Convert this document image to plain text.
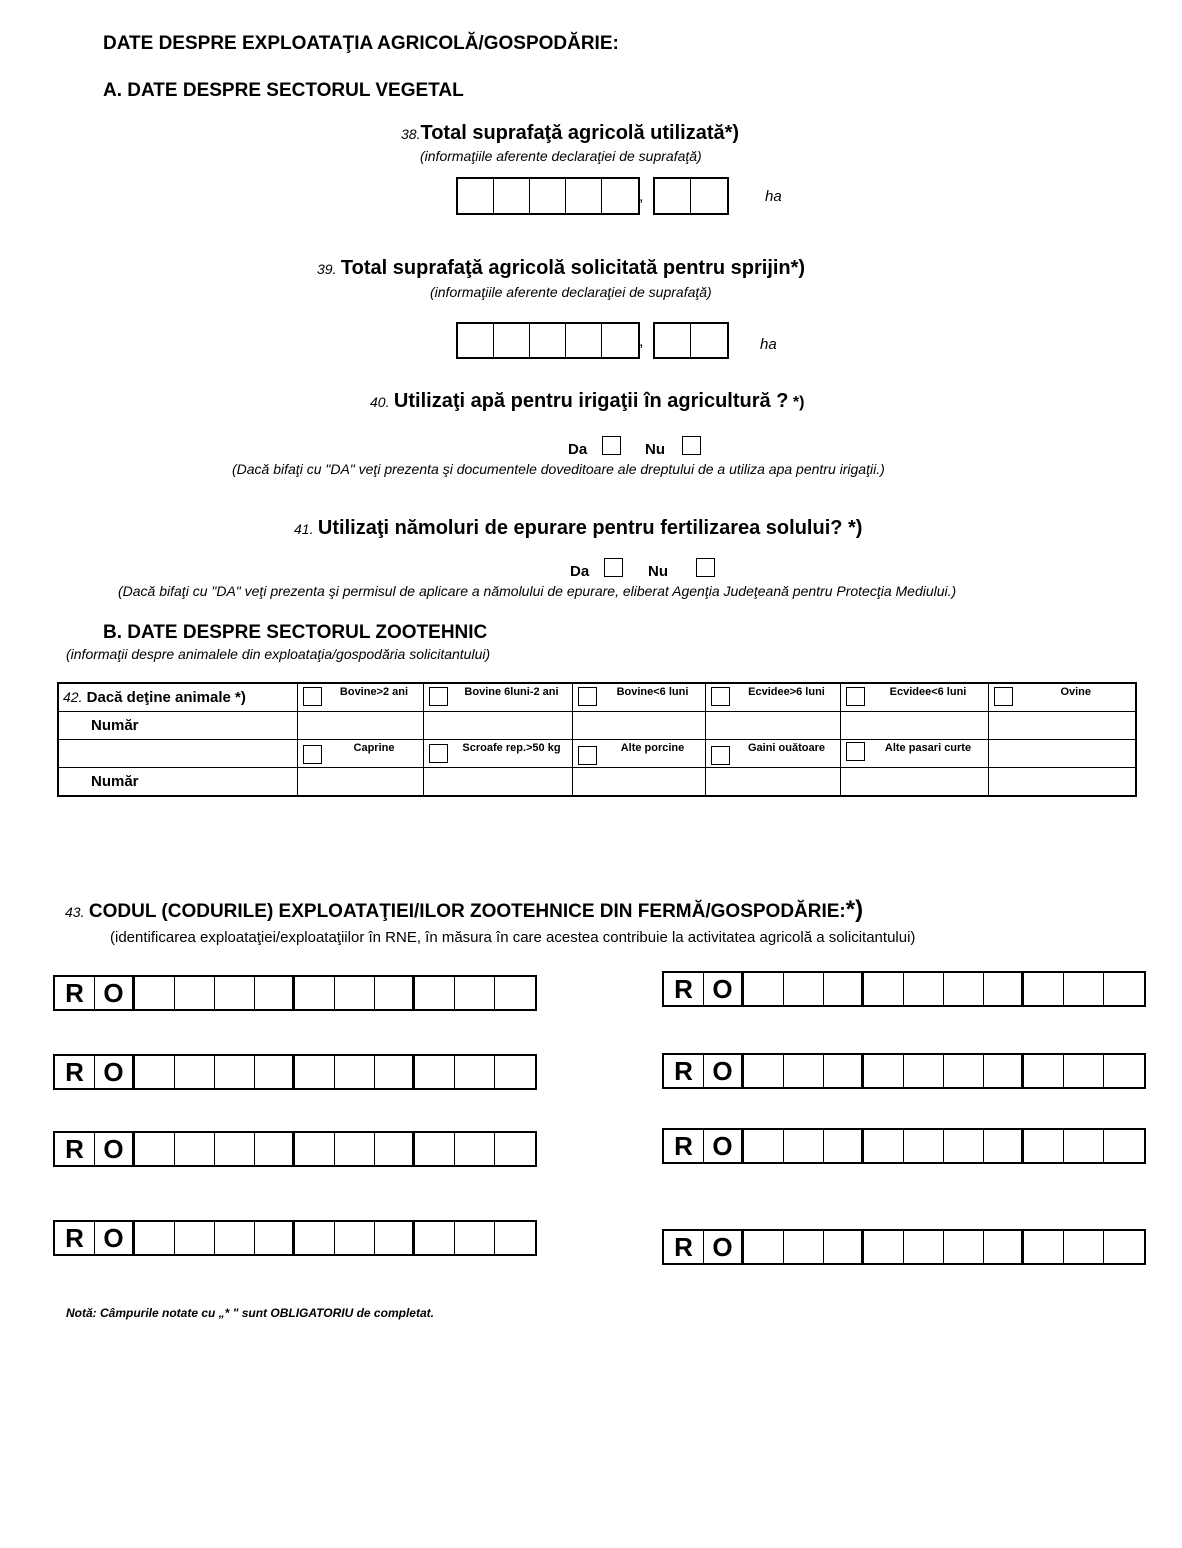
DATE DESPRE EXPLOATAŢIA AGRICOLĂ/GOSPODĂRIE:
A. DATE DESPRE SECTORUL VEGETAL
38.Total suprafaţă agricolă utilizată*)
(informaţiile aferente declaraţiei de suprafaţă)
,	ha
39. Total suprafaţă agricolă solicitată pentru sprijin*)
(informaţiile aferente declaraţiei de suprafaţă)
,	ha
40. Utilizaţi apă pentru irigaţii în agricultură ? *)
Da	Nu
(Dacă bifaţi cu "DA" veţi prezenta şi documentele doveditoare ale dreptului de a utiliza apa pentru irigaţii.)
41. Utilizaţi nămoluri de epurare pentru fertilizarea solului? *)
Da	Nu
(Dacă bifaţi cu "DA" veţi prezenta şi permisul de aplicare a nămolului de epurare, eliberat Agenţia Judeţeană pentru Protecţia Mediului.)
B. DATE DESPRE SECTORUL ZOOTEHNIC
(informaţii despre animalele din exploataţia/gospodăria solicitantului)
42. Dacă deţine animale *)	Bovine>2 ani	Bovine 6luni-2 ani	Bovine<6 luni	Ecvidee>6 luni	Ecvidee<6 luni	Ovine

Număr						

	Caprine	Scroafe rep.>50 kg	Alte porcine	Gaini ouătoare	Alte pasari curte	

Număr						
43. CODUL (CODURILE) EXPLOATAŢIEI/ILOR ZOOTEHNICE DIN FERMĂ/GOSPODĂRIE:*)
(identificarea exploataţiei/exploataţiilor în RNE, în măsura în care acestea contribuie la activitatea agricolă a solicitantului)
R O
R O
R O
R O
R O
R O
R O
R O
Notă: Câmpurile notate cu „* " sunt OBLIGATORIU de completat.
